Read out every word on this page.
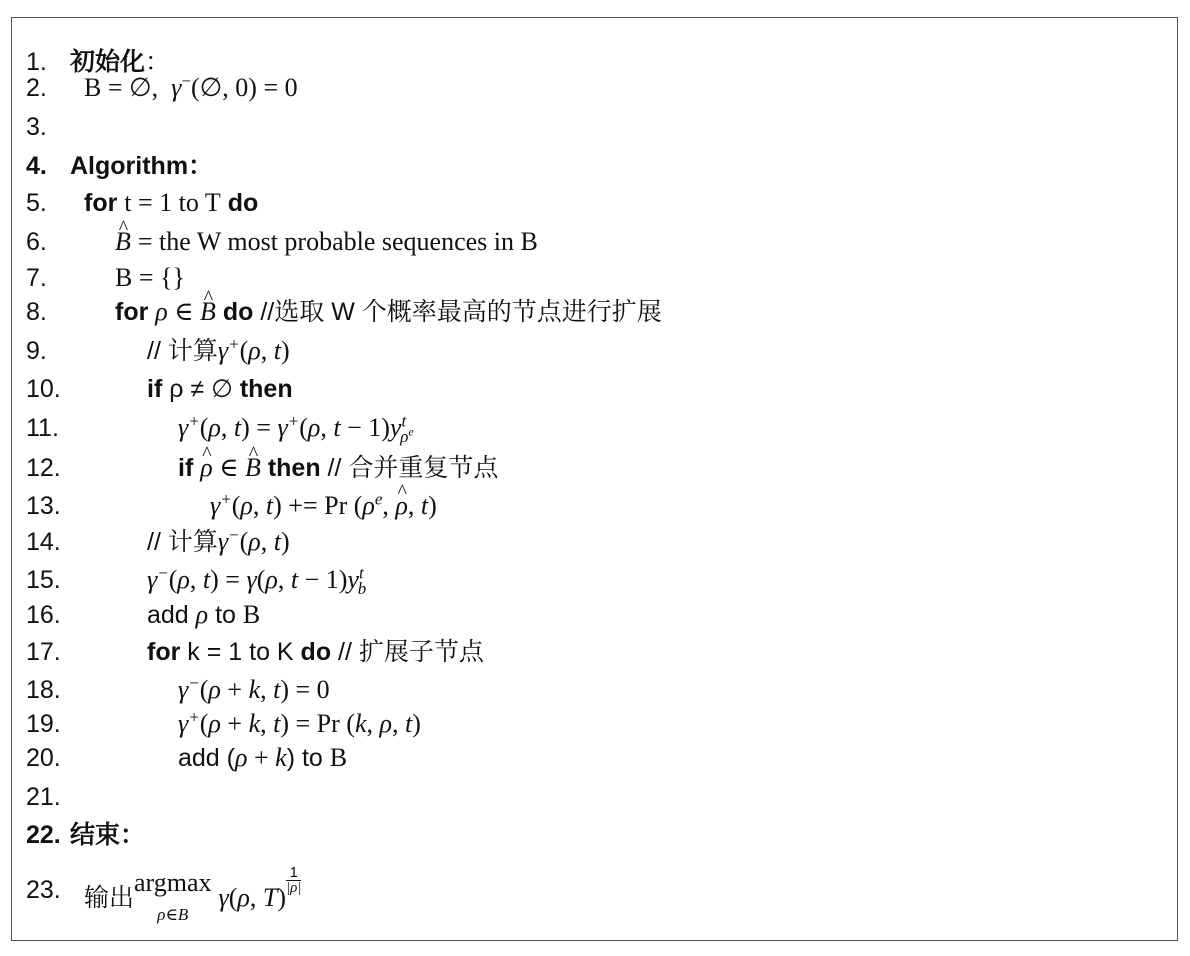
1. 初始化：
2.	B = ∅,  γ−(∅, 0) = 0
3.
4. Algorithm：
5.	for t = 1 to T do
6.	^ B = the W most probable sequences in B
7.	B = {}
8.	for ρ ∈ ^ B do //选取 W 个概率最高的节点进行扩展
9.	// 计算γ+(ρ, t)
10.	if ρ ≠ ∅ then
11.	γ+(ρ, t) = γ+(ρ, $t - 1)y^t_{\rho^e}$
12.	if ^ ρ ∈ ^ B then // 合并重复节点
13.	γ+(ρ, t) += Pr ($\rho^e$, ^ ρ, t)
14.	// 计算γ−(ρ, t)
15.	γ−(ρ, t) = γ(ρ, $t - 1)y^t_b$
16.	add ρ to B
17.	for k = 1 to K do // 扩展子节点
18.	γ−(ρ + k, t) = 0
19.	γ+(ρ + k, t) = Pr (k, ρ, t)
20.	add (ρ + k) to B
21.
22. 结束：
23. 输出argmax
ρ∈B
γ(ρ, T)
$\frac{1}{|\rho|}$
